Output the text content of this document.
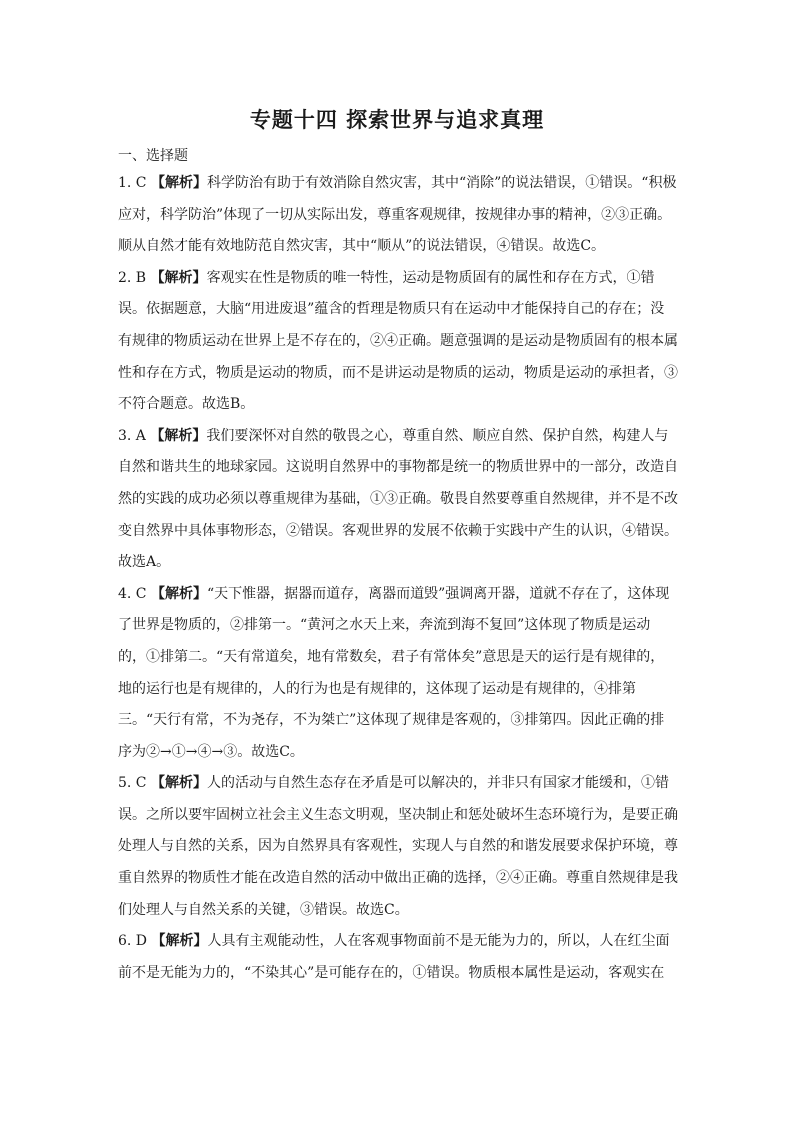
专题十四 探索世界与追求真理
一、选择题

1. C 【解析】科学防治有助于有效消除自然灾害，其中“消除”的说法错误，①错误。“积极应对，科学防治”体现了一切从实际出发，尊重客观规律，按规律办事的精神，②③正确。顺从自然才能有效地防范自然灾害，其中“顺从”的说法错误，④错误。故选C。

2. B 【解析】客观实在性是物质的唯一特性，运动是物质固有的属性和存在方式，①错误。依据题意，大脑“用进废退”蕴含的哲理是物质只有在运动中才能保持自己的存在；没有规律的物质运动在世界上是不存在的，②④正确。题意强调的是运动是物质固有的根本属性和存在方式，物质是运动的物质，而不是讲运动是物质的运动，物质是运动的承担者，③不符合题意。故选B。

3. A 【解析】我们要深怀对自然的敬畏之心，尊重自然、顺应自然、保护自然，构建人与自然和谐共生的地球家园。这说明自然界中的事物都是统一的物质世界中的一部分，改造自然的实践的成功必须以尊重规律为基础，①③正确。敬畏自然要尊重自然规律，并不是不改变自然界中具体事物形态，②错误。客观世界的发展不依赖于实践中产生的认识，④错误。故选A。

4. C 【解析】“天下惟器，据器而道存，离器而道毁”强调离开器，道就不存在了，这体现了世界是物质的，②排第一。“黄河之水天上来，奔流到海不复回”这体现了物质是运动的，①排第二。“天有常道矣，地有常数矣，君子有常体矣”意思是天的运行是有规律的，地的运行也是有规律的，人的行为也是有规律的，这体现了运动是有规律的，④排第三。“天行有常，不为尧存，不为桀亡”这体现了规律是客观的，③排第四。因此正确的排序为②→①→④→③。故选C。

5. C 【解析】人的活动与自然生态存在矛盾是可以解决的，并非只有国家才能缓和，①错误。之所以要牢固树立社会主义生态文明观，坚决制止和惩处破坏生态环境行为，是要正确处理人与自然的关系，因为自然界具有客观性，实现人与自然的和谐发展要求保护环境，尊重自然界的物质性才能在改造自然的活动中做出正确的选择，②④正确。尊重自然规律是我们处理人与自然关系的关键，③错误。故选C。

6. D 【解析】人具有主观能动性，人在客观事物面前不是无能为力的，所以，人在红尘面前不是无能为力的，“不染其心”是可能存在的，①错误。物质根本属性是运动，客观实在
